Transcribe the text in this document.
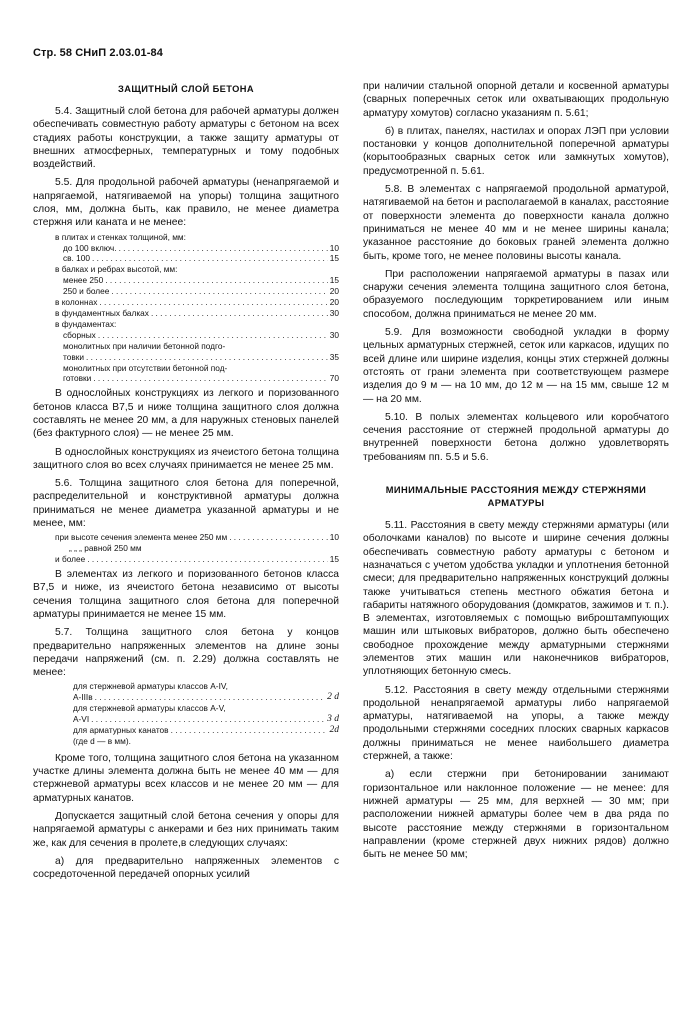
Стр. 58 СНиП 2.03.01-84
ЗАЩИТНЫЙ СЛОЙ БЕТОНА

5.4. Защитный слой бетона для рабочей арматуры должен обеспечивать совместную работу арматуры с бетоном на всех стадиях работы конструкции, а также защиту арматуры от внешних атмосферных, температурных и тому подобных воздействий.

5.5. Для продольной рабочей арматуры (ненапрягаемой и напрягаемой, натягиваемой на упоры) толщина защитного слоя, мм, должна быть, как правило, не менее диаметра стержня или каната и не менее:

в плитах и стенках толщиной, мм:
до 100 включ. . . .	10
св. 100 . . .	15
в балках и ребрах высотой, мм:
менее 250 . . .	15
250 и более . . .	20
в колоннах . . .	20
в фундаментных балках . . .	30
в фундаментах:
сборных . . .	30
монолитных при наличии бетонной подго-
товки . . .	35
монолитных при отсутствии бетонной под-
готовки . . .	70

В однослойных конструкциях из легкого и поризованного бетонов класса В7,5 и ниже толщина защитного слоя должна составлять не менее 20 мм, а для наружных стеновых панелей (без фактурного слоя) — не менее 25 мм.

В однослойных конструкциях из ячеистого бетона толщина защитного слоя во всех случаях принимается не менее 25 мм.

5.6. Толщина защитного слоя бетона для поперечной, распределительной и конструктивной арматуры должна приниматься не менее диаметра указанной арматуры и не менее, мм:

при высоте сечения элемента менее 250 мм . . .	10
„ „ „ равной 250 мм
и более . . .	15

В элементах из легкого и поризованного бетонов класса В7,5 и ниже, из ячеистого бетона независимо от высоты сечения толщина защитного слоя бетона для поперечной арматуры принимается не менее 15 мм.

5.7. Толщина защитного слоя бетона у концов предварительно напряженных элементов на длине зоны передачи напряжений (см. п. 2.29) должна составлять не менее:

для стержневой арматуры классов А-IV,
А-IIIв . . .	2 d
для стержневой арматуры классов А-V,
А-VI . . .	3 d
для арматурных канатов . . .	2d
(где d — в мм).

Кроме того, толщина защитного слоя бетона на указанном участке длины элемента должна быть не менее 40 мм — для стержневой арматуры всех классов и не менее 20 мм — для арматурных канатов.

Допускается защитный слой бетона сечения у опоры для напрягаемой арматуры с анкерами и без них принимать таким же, как для сечения в пролете,в следующих случаях:

а) для предварительно напряженных элементов с сосредоточенной передачей опорных усилий

при наличии стальной опорной детали и косвенной арматуры (сварных поперечных сеток или охватывающих продольную арматуру хомутов) согласно указаниям п. 5.61;

б) в плитах, панелях, настилах и опорах ЛЭП при условии постановки у концов дополнительной поперечной арматуры (корытообразных сварных сеток или замкнутых хомутов), предусмотренной п. 5.61.

5.8. В элементах с напрягаемой продольной арматурой, натягиваемой на бетон и располагаемой в каналах, расстояние от поверхности элемента до поверхности канала должно приниматься не менее 40 мм и не менее ширины канала; указанное расстояние до боковых граней элемента должно быть, кроме того, не менее половины высоты канала.

При расположении напрягаемой арматуры в пазах или снаружи сечения элемента толщина защитного слоя бетона, образуемого последующим торкретированием или иным способом, должна приниматься не менее 20 мм.

5.9. Для возможности свободной укладки в форму цельных арматурных стержней, сеток или каркасов, идущих по всей длине или ширине изделия, концы этих стержней должны отстоять от грани элемента при соответствующем размере изделия до 9 м — на 10 мм, до 12 м — на 15 мм, свыше 12 м — на 20 мм.

5.10. В полых элементах кольцевого или коробчатого сечения расстояние от стержней продольной арматуры до внутренней поверхности бетона должно удовлетворять требованиям пп. 5.5 и 5.6.

МИНИМАЛЬНЫЕ РАССТОЯНИЯ МЕЖДУ СТЕРЖНЯМИ АРМАТУРЫ

5.11. Расстояния в свету между стержнями арматуры (или оболочками каналов) по высоте и ширине сечения должны обеспечивать совместную работу арматуры с бетоном и назначаться с учетом удобства укладки и уплотнения бетонной смеси; для предварительно напряженных конструкций должны также учитываться степень местного обжатия бетона и габариты натяжного оборудования (домкратов, зажимов и т. п.). В элементах, изготовляемых с помощью виброштампующих машин или штыковых вибраторов, должно быть обеспечено свободное прохождение между арматурными стержнями элементов этих машин или наконечников вибраторов, уплотняющих бетонную смесь.

5.12. Расстояния в свету между отдельными стержнями продольной ненапрягаемой арматуры либо напрягаемой арматуры, натягиваемой на упоры, а также между продольными стержнями соседних плоских сварных каркасов должны приниматься не менее наибольшего диаметра стержней, а также:

а) если стержни при бетонировании занимают горизонтальное или наклонное положение — не менее: для нижней арматуры — 25 мм, для верхней — 30 мм; при расположении нижней арматуры более чем в два ряда по высоте расстояние между стержнями в горизонтальном направлении (кроме стержней двух нижних рядов) должно быть не менее 50 мм;
